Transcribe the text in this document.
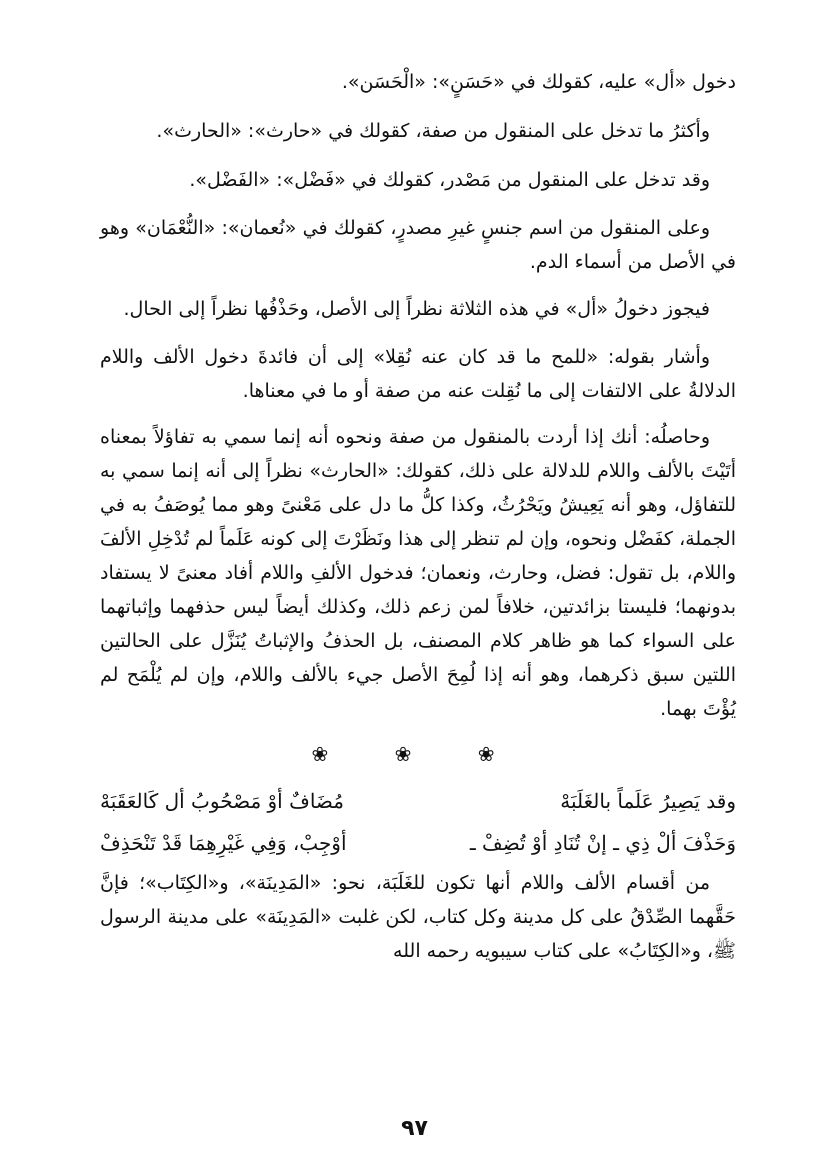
دخول «أل» عليه، كقولك في «حَسَنٍ»: «الْحَسَن».

وأكثرُ ما تدخل على المنقول من صفة، كقولك في «حارث»: «الحارث».

وقد تدخل على المنقول من مَصْدر، كقولك في «فَضْل»: «الفَضْل».

وعلى المنقول من اسم جنسٍ غيرِ مصدرٍ، كقولك في «نُعمان»: «النُّعْمَان» وهو في الأصل من أسماء الدم.

فيجوز دخولُ «أل» في هذه الثلاثة نظراً إلى الأصل، وحَذْفُها نظراً إلى الحال.

وأشار بقوله: «للمح ما قد كان عنه نُقِلا» إلى أن فائدةَ دخول الألف واللام الدلالةُ على الالتفات إلى ما نُقِلت عنه من صفة أو ما في معناها.

وحاصلُه: أنك إذا أردت بالمنقول من صفة ونحوه أنه إنما سمي به تفاؤلاً بمعناه أتَيْتَ بالألف واللام للدلالة على ذلك، كقولك: «الحارث» نظراً إلى أنه إنما سمي به للتفاؤل، وهو أنه يَعِيشُ ويَحْرُثُ، وكذا كلُّ ما دل على مَعْنىً وهو مما يُوصَفُ به في الجملة، كفَضْل ونحوه، وإن لم تنظر إلى هذا ونَظَرْتَ إلى كونه عَلَماً لم تُدْخِلِ الألفَ واللام، بل تقول: فضل، وحارث، ونعمان؛ فدخول الألفِ واللام أفاد معنىً لا يستفاد بدونهما؛ فليستا بزائدتين، خلافاً لمن زعم ذلك، وكذلك أيضاً ليس حذفهما وإثباتهما على السواء كما هو ظاهر كلام المصنف، بل الحذفُ والإثباتُ يُنَزَّل على الحالتين اللتين سبق ذكرهما، وهو أنه إذا لُمِحَ الأصل جيء بالألف واللام، وإن لم يُلْمَح لم يُؤْتَ بهما.

❀ ❀ ❀
وقد يَصِيرُ عَلَماً بالغَلَبَهْ
مُضَافٌ أوْ مَصْحُوبُ أل كَالعَقَبَهْ
وَحَذْفَ ألْ ذِي ـ إنْ تُنَادِ أوْ تُضِفْ ـ
أوْجِبْ، وَفِي غَيْرِهِمَا قَدْ تَنْحَذِفْ

من أقسام الألف واللام أنها تكون للغَلَبَة، نحو: «المَدِينَة»، و«الكِتَاب»؛ فإنَّ حَقَّهما الصِّدْقُ على كل مدينة وكل كتاب، لكن غلبت «المَدِينَة» على مدينة الرسول ﷺ، و«الكِتَابُ» على كتاب سيبويه رحمه الله

٩٧
